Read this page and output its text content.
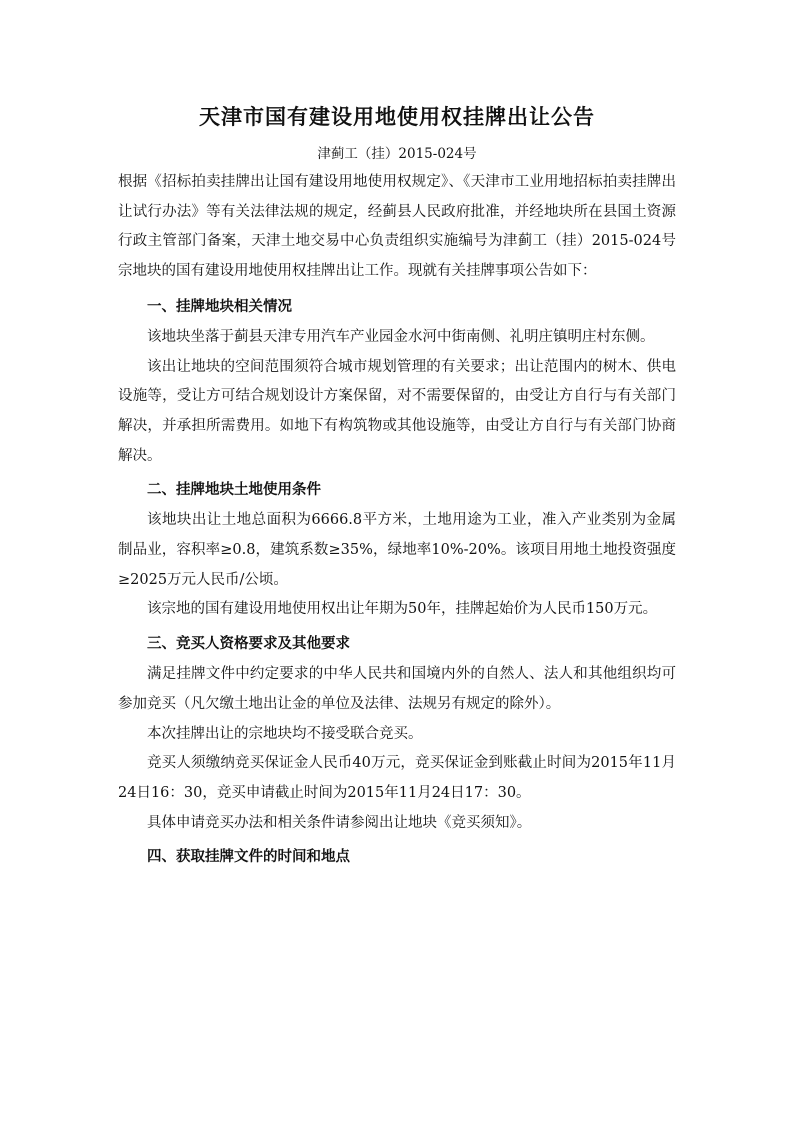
天津市国有建设用地使用权挂牌出让公告
津蓟工（挂）2015-024号

根据《招标拍卖挂牌出让国有建设用地使用权规定》、《天津市工业用地招标拍卖挂牌出让试行办法》等有关法律法规的规定，经蓟县人民政府批准，并经地块所在县国土资源行政主管部门备案，天津土地交易中心负责组织实施编号为津蓟工（挂）2015-024号宗地块的国有建设用地使用权挂牌出让工作。现就有关挂牌事项公告如下：

一、挂牌地块相关情况

该地块坐落于蓟县天津专用汽车产业园金水河中街南侧、礼明庄镇明庄村东侧。

该出让地块的空间范围须符合城市规划管理的有关要求；出让范围内的树木、供电设施等，受让方可结合规划设计方案保留，对不需要保留的，由受让方自行与有关部门解决，并承担所需费用。如地下有构筑物或其他设施等，由受让方自行与有关部门协商解决。

二、挂牌地块土地使用条件

该地块出让土地总面积为6666.8平方米，土地用途为工业，准入产业类别为金属制品业，容积率≥0.8，建筑系数≥35%，绿地率10%-20%。该项目用地土地投资强度≥2025万元人民币/公顷。

该宗地的国有建设用地使用权出让年期为50年，挂牌起始价为人民币150万元。

三、竞买人资格要求及其他要求

满足挂牌文件中约定要求的中华人民共和国境内外的自然人、法人和其他组织均可参加竞买（凡欠缴土地出让金的单位及法律、法规另有规定的除外）。

本次挂牌出让的宗地块均不接受联合竞买。

竞买人须缴纳竞买保证金人民币40万元，竞买保证金到账截止时间为2015年11月24日16：30，竞买申请截止时间为2015年11月24日17：30。

具体申请竞买办法和相关条件请参阅出让地块《竞买须知》。

四、获取挂牌文件的时间和地点
